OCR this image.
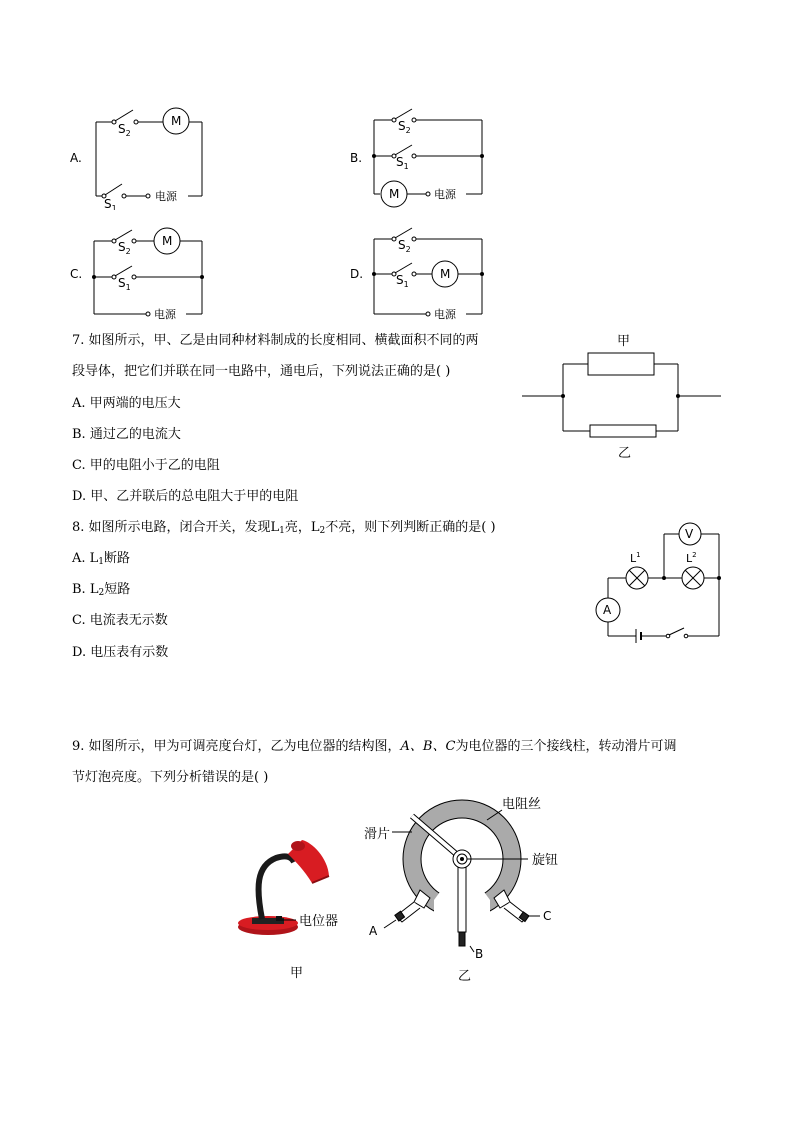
A.
M
$S_2$
$S_1$
电源
B.
M
$S_2$
$S_1$
电源
C.
M
$S_2$
$S_1$
电源
D.	M
$S_2$
$S_1$
电源
7. 如图所示，甲、乙是由同种材料制成的长度相同、横截面积不同的两
段导体，把它们并联在同一电路中，通电后，下列说法正确的是( )
A. 甲两端的电压大
B. 通过乙的电流大
C. 甲的电阻小于乙的电阻
D. 甲、乙并联后的总电阻大于甲的电阻
甲
乙
8. 如图所示电路，闭合开关，发现$L_1$亮，$L_2$不亮，则下列判断正确的是( )
A. $L_1$断路
B. $L_2$短路
C. 电流表无示数
D. 电压表有示数
V
A
$L^1$	$L^2$
9. 如图所示，甲为可调亮度台灯，乙为电位器的结构图，A、B、C为电位器的三个接线柱，转动滑片可调
节灯泡亮度。下列分析错误的是( )
电位器
甲
电阻丝
滑片
旋钮
A
B
C
乙
